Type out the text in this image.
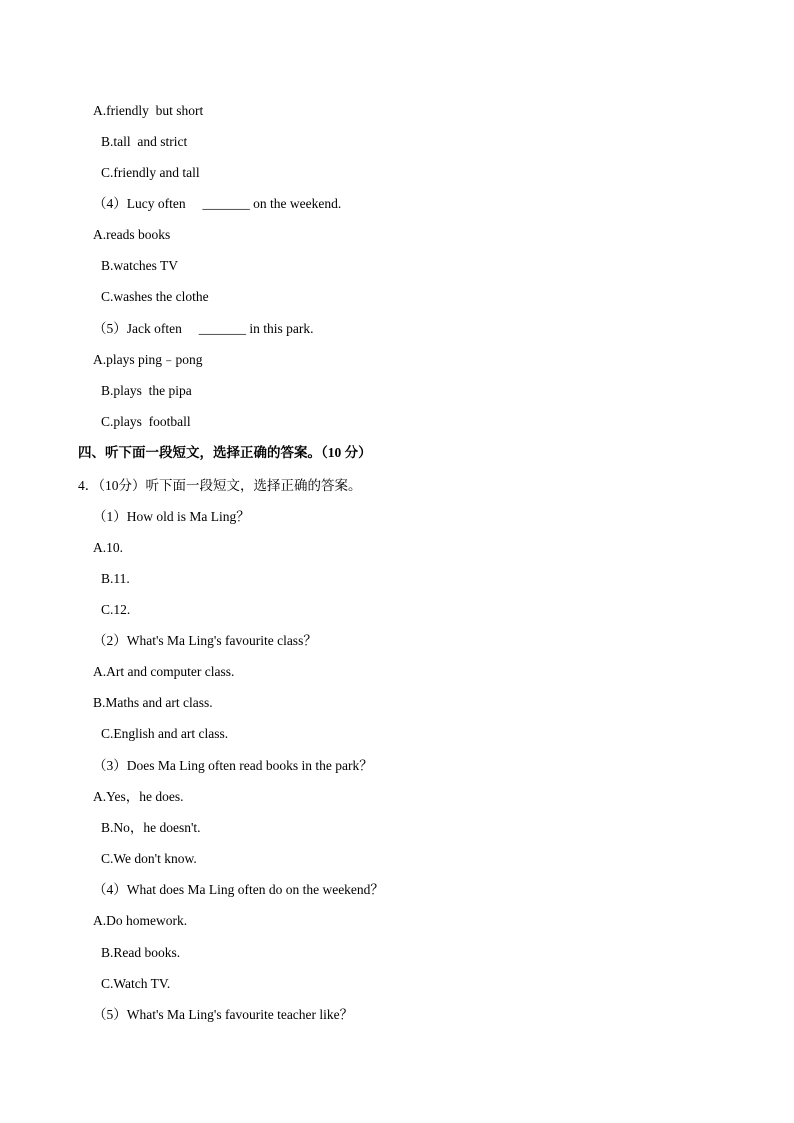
A.friendly  but short
B.tall  and strict
C.friendly and tall
（4）Lucy often     _______ on the weekend.
A.reads books
B.watches TV
C.washes the clothe
（5）Jack often     _______ in this park.
A.plays ping﹣pong
B.plays  the pipa
C.plays  football
四、听下面一段短文，选择正确的答案。（10 分）
4．（10分）听下面一段短文，选择正确的答案。
（1）How old is Ma Ling？
A.10.
B.11.
C.12.
（2）What's Ma Ling's favourite class？
A.Art and computer class.
B.Maths and art class.
C.English and art class.
（3）Does Ma Ling often read books in the park？
A.Yes，he does.
B.No，he doesn't.
C.We don't know.
（4）What does Ma Ling often do on the weekend？
A.Do homework.
B.Read books.
C.Watch TV.
（5）What's Ma Ling's favourite teacher like？
